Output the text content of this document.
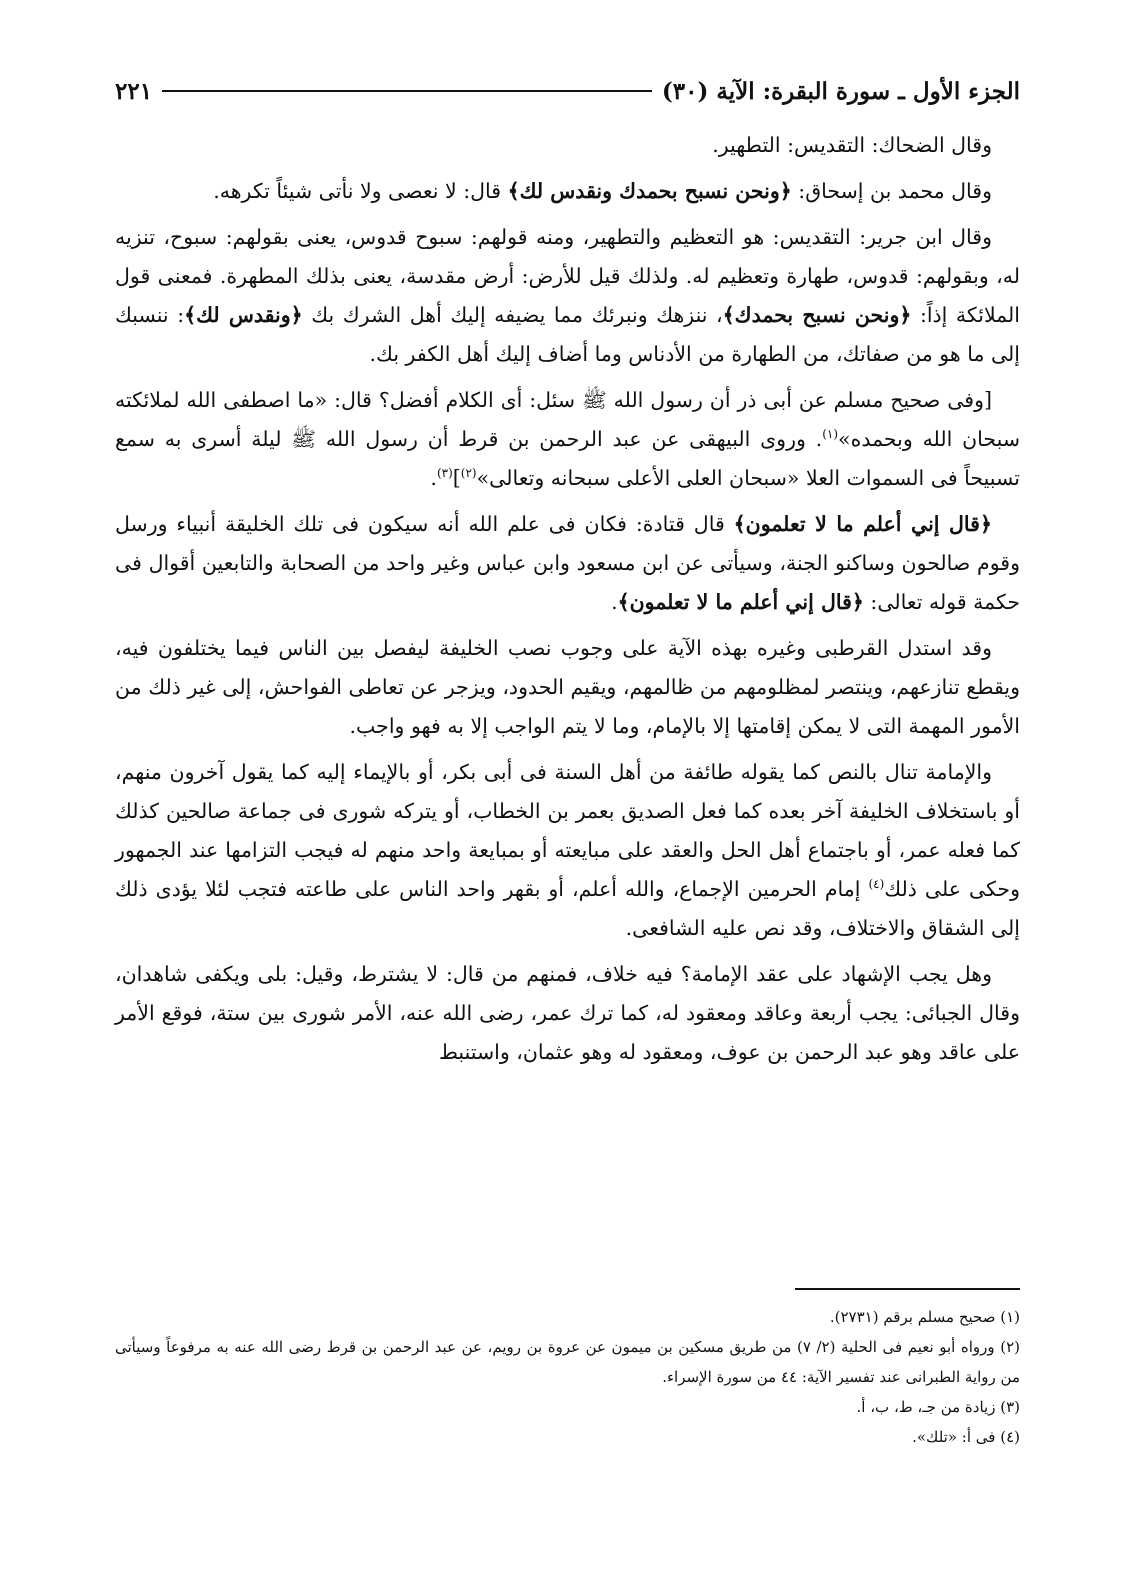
الجزء الأول ـ سورة البقرة: الآية (٣٠)
٢٢١

وقال الضحاك: التقديس: التطهير.

وقال محمد بن إسحاق: ﴿ونحن نسبح بحمدك ونقدس لك﴾ قال: لا نعصى ولا نأتى شيئاً تكرهه.

وقال ابن جرير: التقديس: هو التعظيم والتطهير، ومنه قولهم: سبوح قدوس، يعنى بقولهم: سبوح، تنزيه له، وبقولهم: قدوس، طهارة وتعظيم له. ولذلك قيل للأرض: أرض مقدسة، يعنى بذلك المطهرة. فمعنى قول الملائكة إذاً: ﴿ونحن نسبح بحمدك﴾، ننزهك ونبرئك مما يضيفه إليك أهل الشرك بك ﴿ونقدس لك﴾: ننسبك إلى ما هو من صفاتك، من الطهارة من الأدناس وما أضاف إليك أهل الكفر بك.

[وفى صحيح مسلم عن أبى ذر أن رسول الله ﷺ سئل: أى الكلام أفضل؟ قال: «ما اصطفى الله لملائكته سبحان الله وبحمده»$^{(١)}$. وروى البيهقى عن عبد الرحمن بن قرط أن رسول الله ﷺ ليلة أسرى به سمع تسبيحاً فى السموات العلا «سبحان العلى الأعلى سبحانه وتعالى»$^{(٢)}$]$^{(٣)}$.

﴿قال إني أعلم ما لا تعلمون﴾ قال قتادة: فكان فى علم الله أنه سيكون فى تلك الخليقة أنبياء ورسل وقوم صالحون وساكنو الجنة، وسيأتى عن ابن مسعود وابن عباس وغير واحد من الصحابة والتابعين أقوال فى حكمة قوله تعالى: ﴿قال إني أعلم ما لا تعلمون﴾.

وقد استدل القرطبى وغيره بهذه الآية على وجوب نصب الخليفة ليفصل بين الناس فيما يختلفون فيه، ويقطع تنازعهم، وينتصر لمظلومهم من ظالمهم، ويقيم الحدود، ويزجر عن تعاطى الفواحش، إلى غير ذلك من الأمور المهمة التى لا يمكن إقامتها إلا بالإمام، وما لا يتم الواجب إلا به فهو واجب.

والإمامة تنال بالنص كما يقوله طائفة من أهل السنة فى أبى بكر، أو بالإيماء إليه كما يقول آخرون منهم، أو باستخلاف الخليفة آخر بعده كما فعل الصديق بعمر بن الخطاب، أو يتركه شورى فى جماعة صالحين كذلك كما فعله عمر، أو باجتماع أهل الحل والعقد على مبايعته أو بمبايعة واحد منهم له فيجب التزامها عند الجمهور وحكى على ذلك$^{(٤)}$ إمام الحرمين الإجماع، والله أعلم، أو بقهر واحد الناس على طاعته فتجب لئلا يؤدى ذلك إلى الشقاق والاختلاف، وقد نص عليه الشافعى.

وهل يجب الإشهاد على عقد الإمامة؟ فيه خلاف، فمنهم من قال: لا يشترط، وقيل: بلى ويكفى شاهدان، وقال الجبائى: يجب أربعة وعاقد ومعقود له، كما ترك عمر، رضى الله عنه، الأمر شورى بين ستة، فوقع الأمر على عاقد وهو عبد الرحمن بن عوف، ومعقود له وهو عثمان، واستنبط

(١) صحيح مسلم برقم (٢٧٣١).
(٢) ورواه أبو نعيم فى الحلية (٢/ ٧) من طريق مسكين بن ميمون عن عروة بن رويم، عن عبد الرحمن بن قرط رضى الله عنه به مرفوعاً وسيأتى من رواية الطبرانى عند تفسير الآية: ٤٤ من سورة الإسراء.
(٣) زيادة من جـ، ط، ب، أ.
(٤) فى أ: «تلك».
